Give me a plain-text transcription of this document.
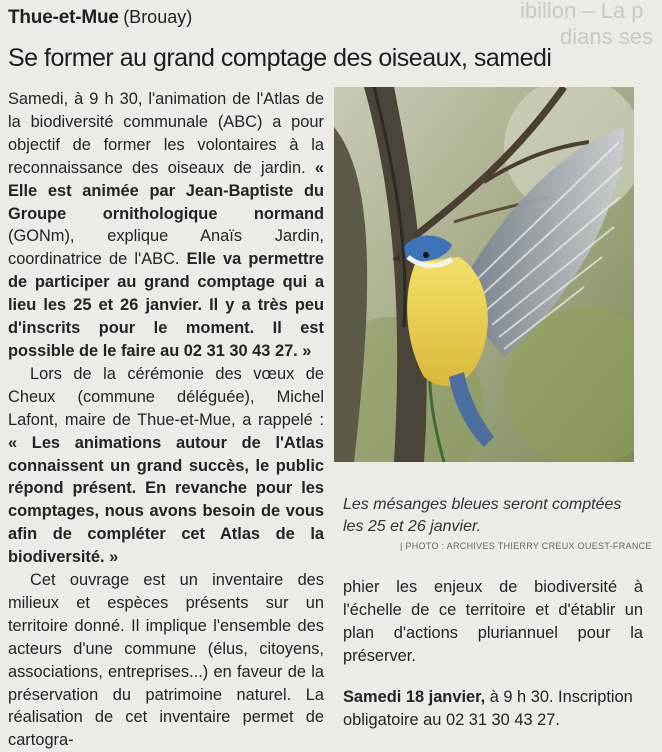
ibillon – La p
dians ses
Thue-et-Mue (Brouay)
Se former au grand comptage des oiseaux, samedi

Samedi, à 9 h 30, l'animation de l'Atlas de la biodiversité communale (ABC) a pour objectif de former les volontaires à la reconnaissance des oiseaux de jardin. « Elle est animée par Jean-Baptiste du Groupe ornithologique normand (GONm), explique Anaïs Jardin, coordinatrice de l'ABC. Elle va permettre de participer au grand comptage qui a lieu les 25 et 26 janvier. Il y a très peu d'inscrits pour le moment. Il est possible de le faire au 02 31 30 43 27. »

Lors de la cérémonie des vœux de Cheux (commune déléguée), Michel Lafont, maire de Thue-et-Mue, a rappelé : « Les animations autour de l'Atlas connaissent un grand succès, le public répond présent. En revanche pour les comptages, nous avons besoin de vous afin de compléter cet Atlas de la biodiversité. »

Cet ouvrage est un inventaire des milieux et espèces présents sur un territoire donné. Il implique l'ensemble des acteurs d'une commune (élus, citoyens, associations, entreprises...) en faveur de la préservation du patrimoine naturel. La réalisation de cet inventaire permet de cartogra-

Les mésanges bleues seront comptées les 25 et 26 janvier.
| PHOTO : ARCHIVES THIERRY CREUX OUEST-FRANCE

phier les enjeux de biodiversité à l'échelle de ce territoire et d'établir un plan d'actions pluriannuel pour la préserver.

Samedi 18 janvier, à 9 h 30. Inscription obligatoire au 02 31 30 43 27.
